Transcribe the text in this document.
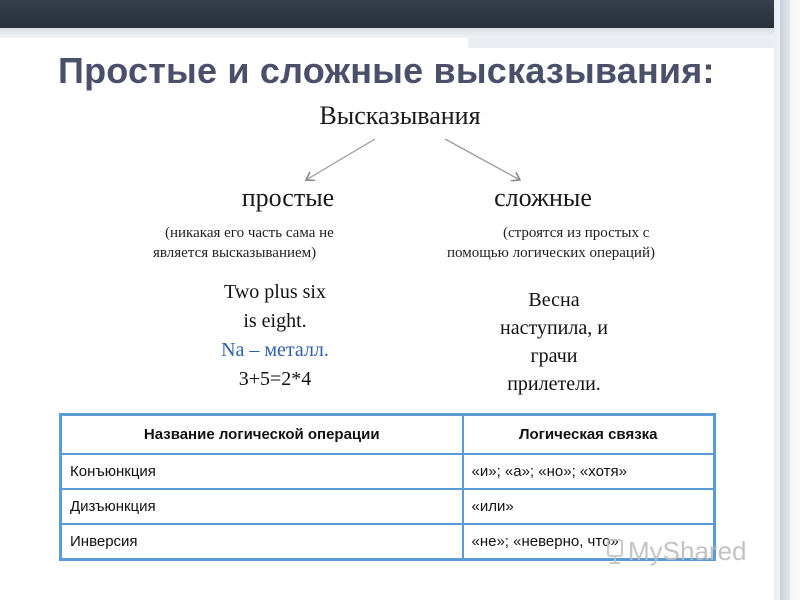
Простые и сложные высказывания:
Высказывания
простые	сложные
(никакая его часть сама не
является высказыванием)
(строятся из простых с
помощью логических операций)
Two plus six
is eight.
Na – металл.
3+5=2*4
Весна
наступила, и
грачи
прилетели.
Название логической операции	Логическая связка
Конъюнкция	«и»; «а»; «но»; «хотя»
Дизъюнкция	«или»
Инверсия	«не»; «неверно, что» MyShared
